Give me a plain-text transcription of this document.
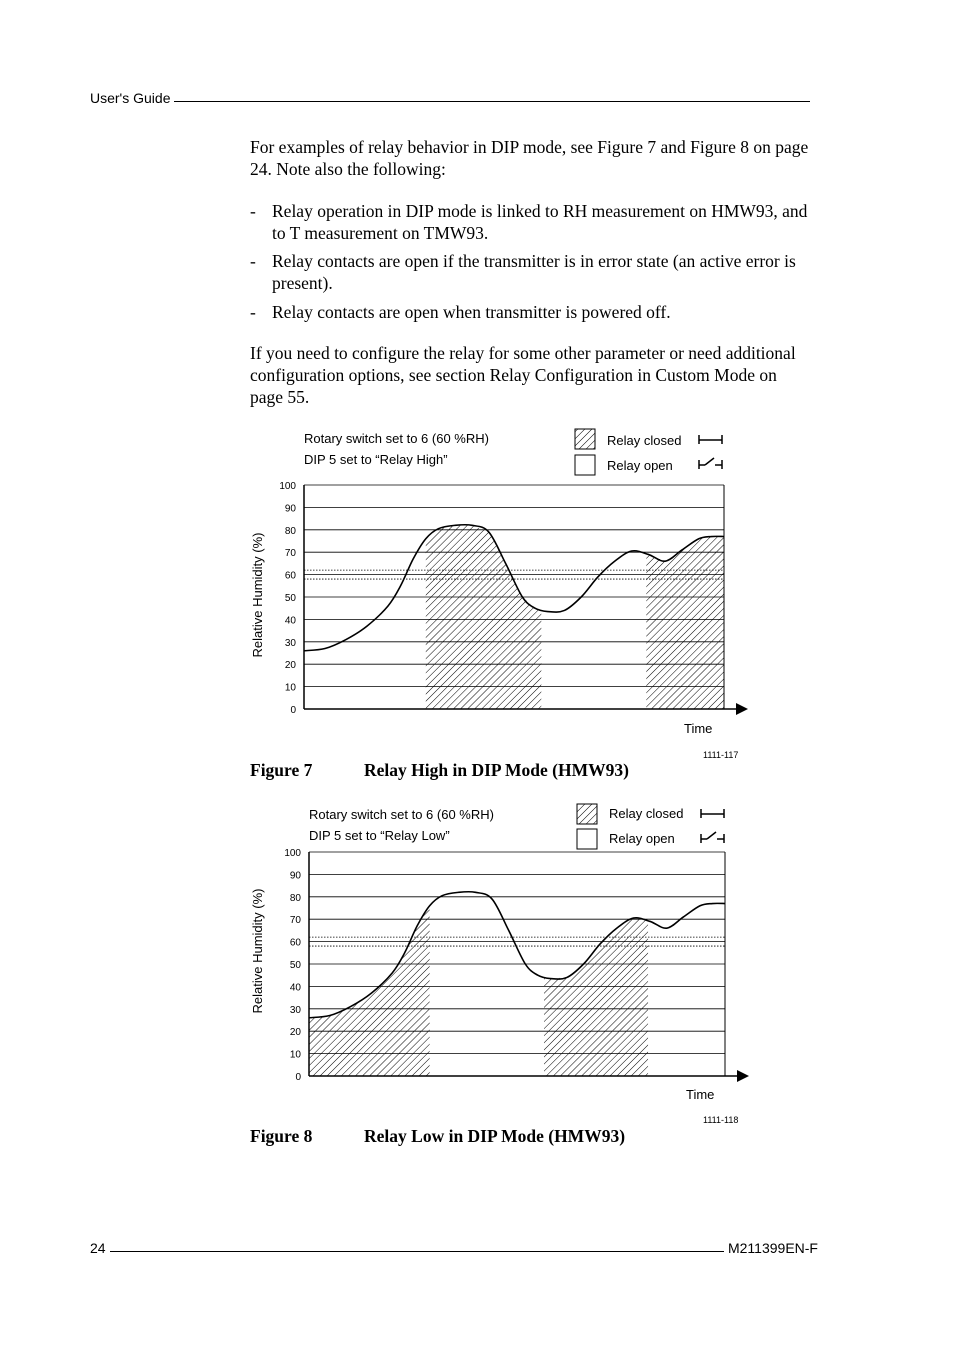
User's Guide
For examples of relay behavior in DIP mode, see Figure 7 and Figure 8 on page 24. Note also the following:
- Relay operation in DIP mode is linked to RH measurement on HMW93, and to T measurement on TMW93.
- Relay contacts are open if the transmitter is in error state (an active error is present).
- Relay contacts are open when transmitter is powered off.
If you need to configure the relay for some other parameter or need additional configuration options, see section Relay Configuration in Custom Mode on page 55.
Rotary switch set to 6 (60 %RH)
DIP 5 set to “Relay High”
Relay closed
Relay open
0
10
20
30
40
50
60
70
80
90
100
Time
1111-117
Relative Humidity (%)
Figure 7	Relay High in DIP Mode (HMW93)
Rotary switch set to 6 (60 %RH)
DIP 5 set to “Relay Low”
Relay closed
Relay open
0
10
20
30
40
50
60
70
80
90
100
Time
1111-118
Relative Humidity (%)
Figure 8	Relay Low in DIP Mode (HMW93)
24	M211399EN-F
